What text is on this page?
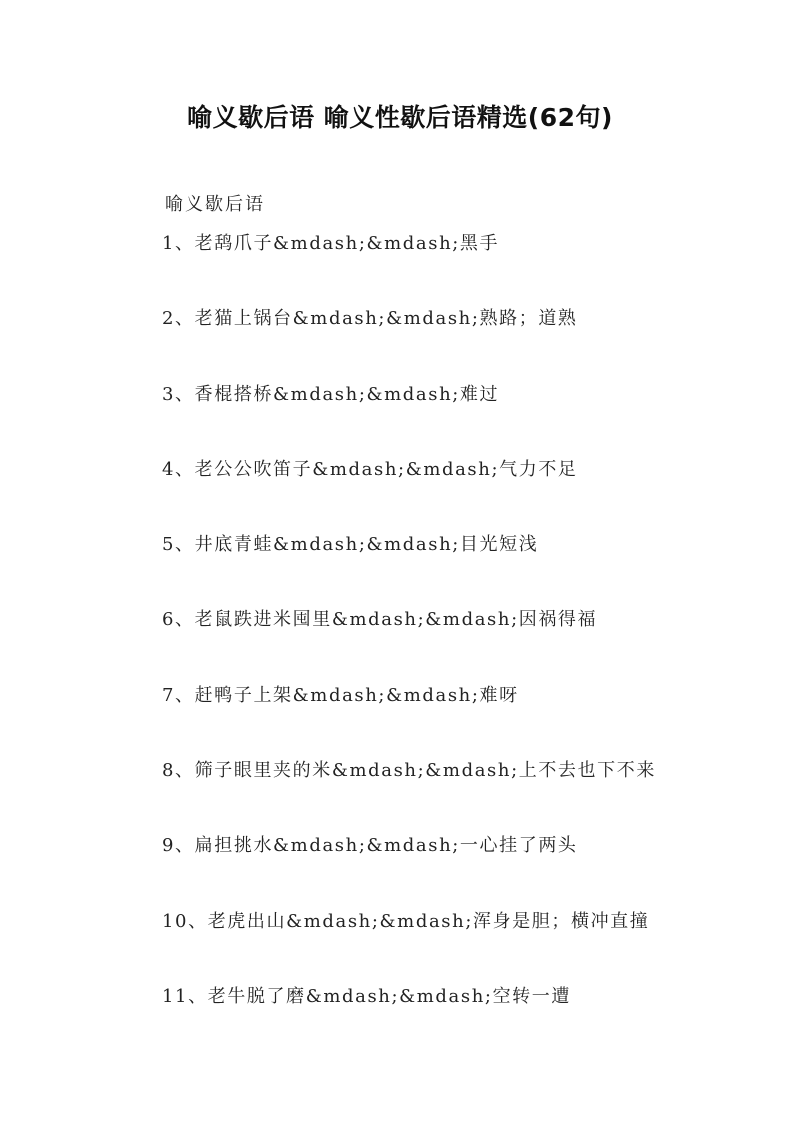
喻义歇后语 喻义性歇后语精选(62句)
喻义歇后语
1、老鸹爪子&mdash;&mdash;黑手
2、老猫上锅台&mdash;&mdash;熟路；道熟
3、香棍搭桥&mdash;&mdash;难过
4、老公公吹笛子&mdash;&mdash;气力不足
5、井底青蛙&mdash;&mdash;目光短浅
6、老鼠跌进米囤里&mdash;&mdash;因祸得福
7、赶鸭子上架&mdash;&mdash;难呀
8、筛子眼里夹的米&mdash;&mdash;上不去也下不来
9、扁担挑水&mdash;&mdash;一心挂了两头
10、老虎出山&mdash;&mdash;浑身是胆；横冲直撞
11、老牛脱了磨&mdash;&mdash;空转一遭
